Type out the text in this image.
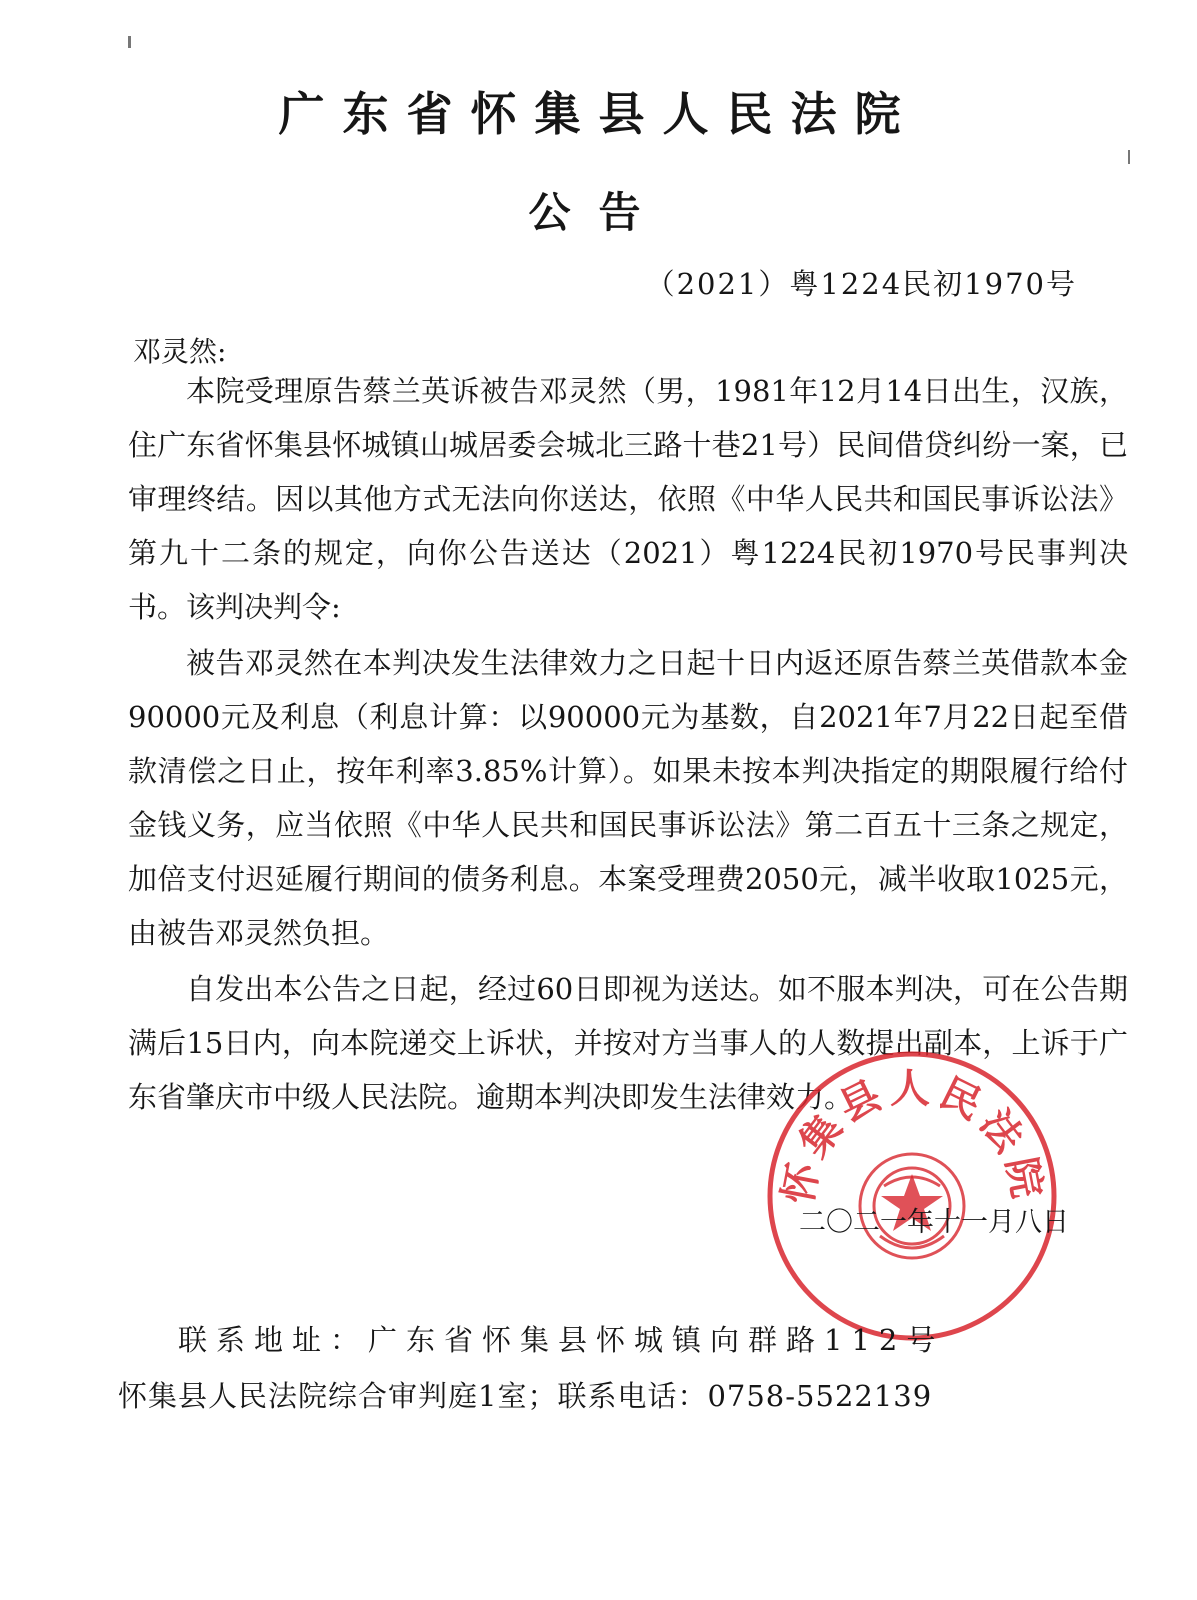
广东省怀集县人民法院
公告
（2021）粤1224民初1970号
邓灵然:

本院受理原告蔡兰英诉被告邓灵然（男，1981年12月14日出生，汉族，住广东省怀集县怀城镇山城居委会城北三路十巷21号）民间借贷纠纷一案，已审理终结。因以其他方式无法向你送达，依照《中华人民共和国民事诉讼法》第九十二条的规定，向你公告送达（2021）粤1224民初1970号民事判决书。该判决判令:

被告邓灵然在本判决发生法律效力之日起十日内返还原告蔡兰英借款本金90000元及利息（利息计算：以90000元为基数，自2021年7月22日起至借款清偿之日止，按年利率3.85%计算）。如果未按本判决指定的期限履行给付金钱义务，应当依照《中华人民共和国民事诉讼法》第二百五十三条之规定，加倍支付迟延履行期间的债务利息。本案受理费2050元，减半收取1025元，由被告邓灵然负担。

自发出本公告之日起，经过60日即视为送达。如不服本判决，可在公告期满后15日内，向本院递交上诉状，并按对方当事人的人数提出副本，上诉于广东省肇庆市中级人民法院。逾期本判决即发生法律效力。

怀集县人民法院
二〇二一年十一月八日
联系地址：广东省怀集县怀城镇向群路112号
怀集县人民法院综合审判庭1室；联系电话：0758-5522139
